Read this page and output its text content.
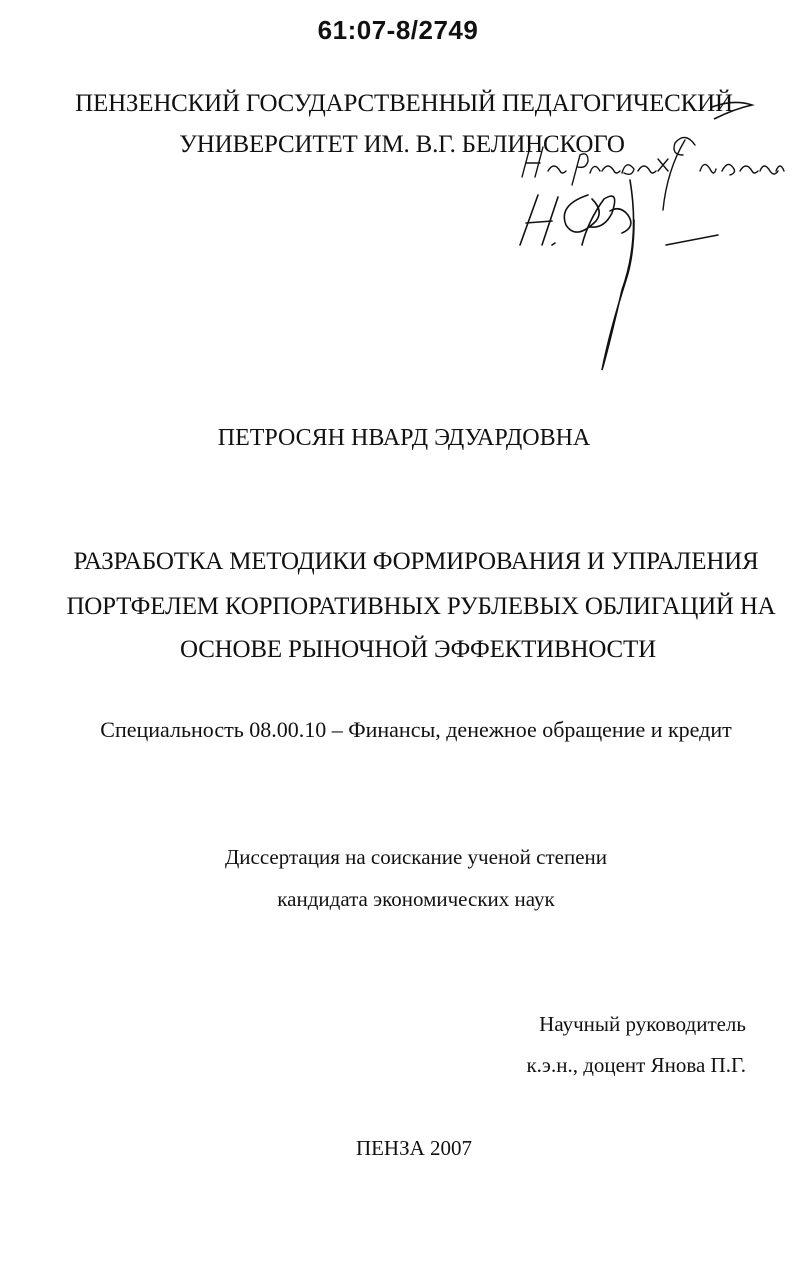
61:07-8/2749
ПЕНЗЕНСКИЙ ГОСУДАРСТВЕННЫЙ ПЕДАГОГИЧЕСКИЙ
УНИВЕРСИТЕТ ИМ. В.Г. БЕЛИНСКОГО
ПЕТРОСЯН НВАРД ЭДУАРДОВНА
РАЗРАБОТКА МЕТОДИКИ ФОРМИРОВАНИЯ И УПРАЛЕНИЯ
ПОРТФЕЛЕМ КОРПОРАТИВНЫХ РУБЛЕВЫХ ОБЛИГАЦИЙ НА
ОСНОВЕ РЫНОЧНОЙ ЭФФЕКТИВНОСТИ
Специальность 08.00.10 – Финансы, денежное обращение и кредит
Диссертация на соискание ученой степени
кандидата экономических наук
Научный руководитель
к.э.н., доцент Янова П.Г.
ПЕНЗА 2007
